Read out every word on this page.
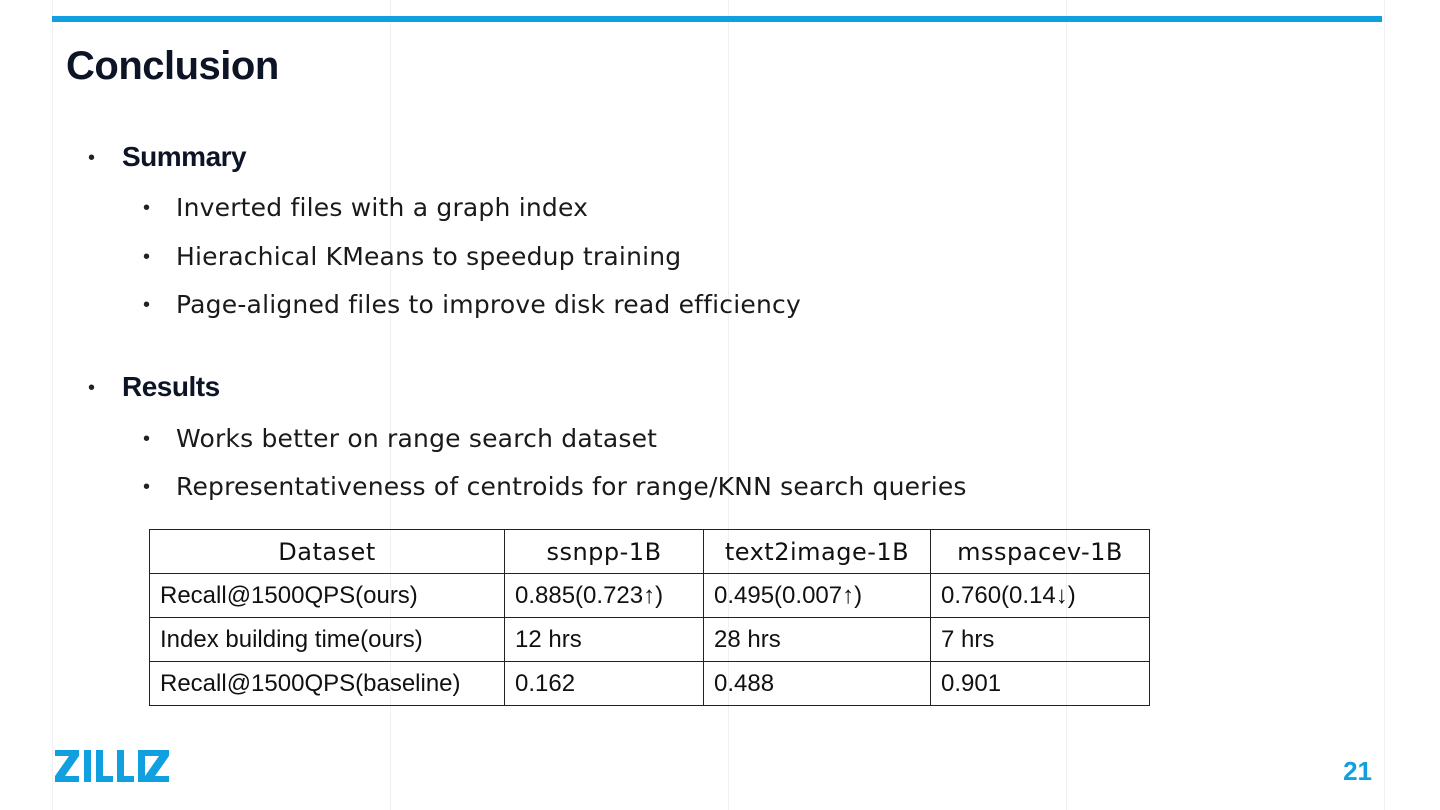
Conclusion
• Summary
• Inverted files with a graph index
• Hierachical KMeans to speedup training
• Page-aligned files to improve disk read efficiency
• Results
• Works better on range search dataset
• Representativeness of centroids for range/KNN search queries
Dataset	ssnpp-1B	text2image-1B	msspacev-1B
Recall@1500QPS(ours)	0.885(0.723↑)	0.495(0.007↑)	0.760(0.14↓)
Index building time(ours)	12 hrs	28 hrs	7 hrs
Recall@1500QPS(baseline)	0.162	0.488	0.901
21
